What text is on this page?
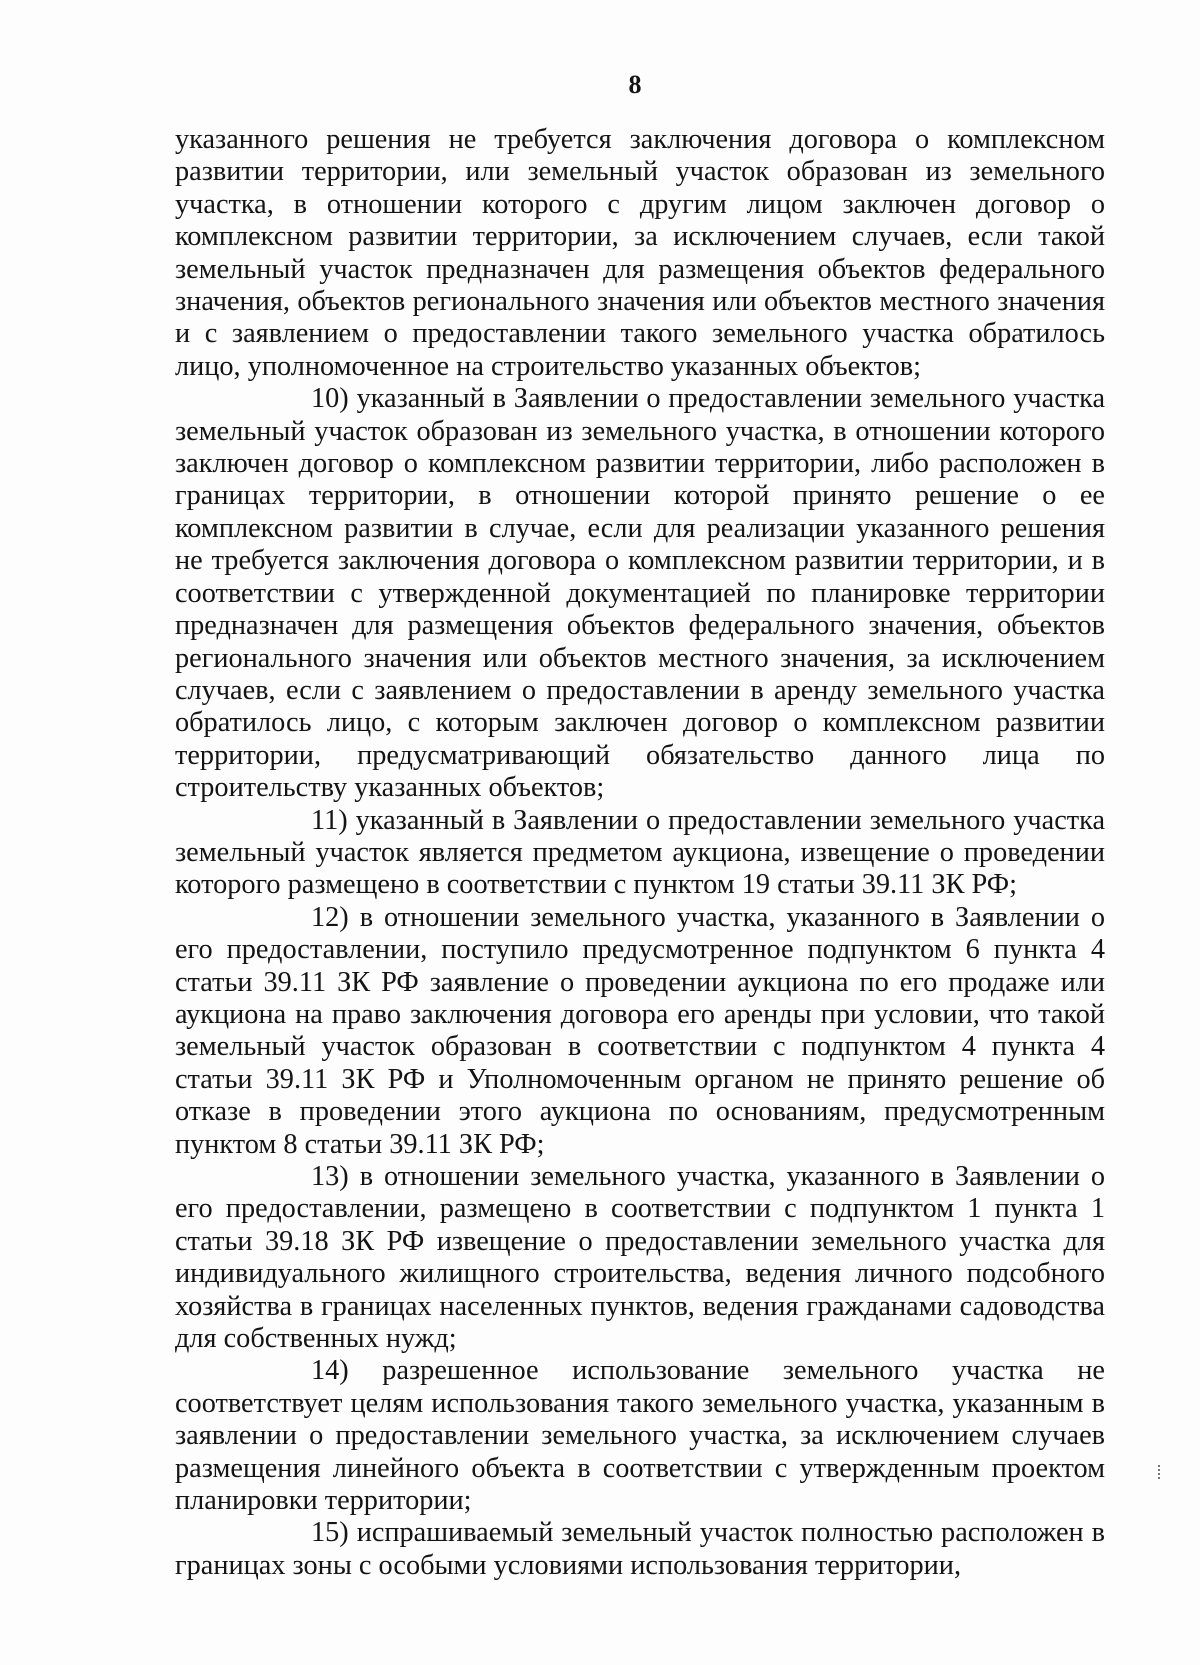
8

указанного решения не требуется заключения договора о комплексном развитии территории, или земельный участок образован из земельного участка, в отношении которого с другим лицом заключен договор о комплексном развитии территории, за исключением случаев, если такой земельный участок предназначен для размещения объектов федерального значения, объектов регионального значения или объектов местного значения и с заявлением о предоставлении такого земельного участка обратилось лицо, уполномоченное на строительство указанных объектов;

10) указанный в Заявлении о предоставлении земельного участка земельный участок образован из земельного участка, в отношении которого заключен договор о комплексном развитии территории, либо расположен в границах территории, в отношении которой принято решение о ее комплексном развитии в случае, если для реализации указанного решения не требуется заключения договора о комплексном развитии территории, и в соответствии с утвержденной документацией по планировке территории предназначен для размещения объектов федерального значения, объектов регионального значения или объектов местного значения, за исключением случаев, если с заявлением о предоставлении в аренду земельного участка обратилось лицо, с которым заключен договор о комплексном развитии территории, предусматривающий обязательство данного лица по строительству указанных объектов;

11) указанный в Заявлении о предоставлении земельного участка земельный участок является предметом аукциона, извещение о проведении которого размещено в соответствии с пунктом 19 статьи 39.11 ЗК РФ;

12) в отношении земельного участка, указанного в Заявлении о его предоставлении, поступило предусмотренное подпунктом 6 пункта 4 статьи 39.11 ЗК РФ заявление о проведении аукциона по его продаже или аукциона на право заключения договора его аренды при условии, что такой земельный участок образован в соответствии с подпунктом 4 пункта 4 статьи 39.11 ЗК РФ и Уполномоченным органом не принято решение об отказе в проведении этого аукциона по основаниям, предусмотренным пунктом 8 статьи 39.11 ЗК РФ;

13) в отношении земельного участка, указанного в Заявлении о его предоставлении, размещено в соответствии с подпунктом 1 пункта 1 статьи 39.18 ЗК РФ извещение о предоставлении земельного участка для индивидуального жилищного строительства, ведения личного подсобного хозяйства в границах населенных пунктов, ведения гражданами садоводства для собственных нужд;

14) разрешенное использование земельного участка не соответствует целям использования такого земельного участка, указанным в заявлении о предоставлении земельного участка, за исключением случаев размещения линейного объекта в соответствии с утвержденным проектом планировки территории;

15) испрашиваемый земельный участок полностью расположен в границах зоны с особыми условиями использования территории,
